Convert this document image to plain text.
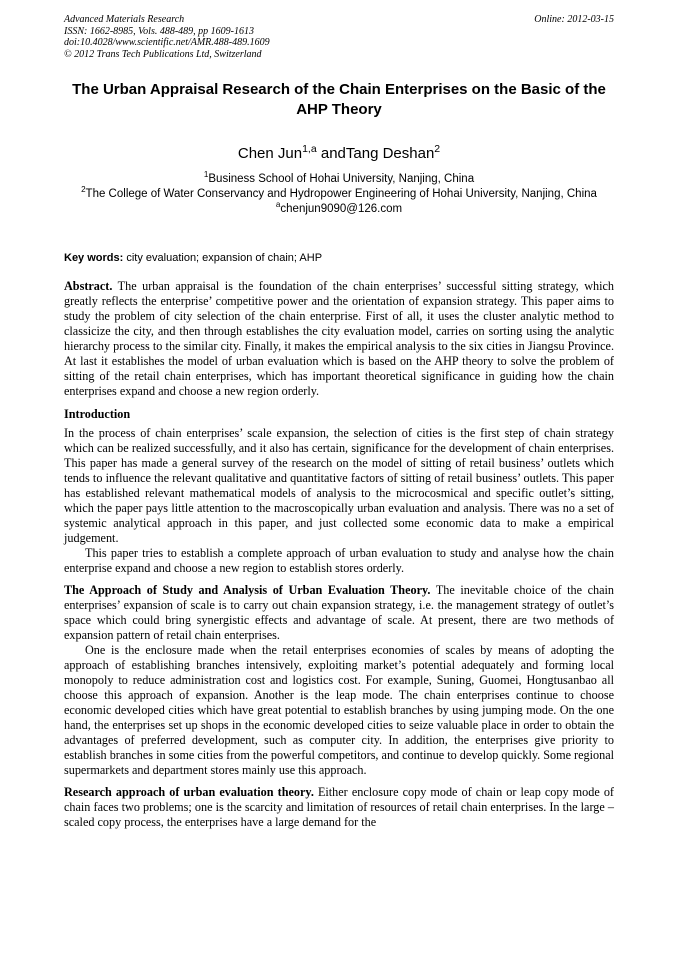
Advanced Materials Research
ISSN: 1662-8985, Vols. 488-489, pp 1609-1613
doi:10.4028/www.scientific.net/AMR.488-489.1609
© 2012 Trans Tech Publications Ltd, Switzerland
Online: 2012-03-15
The Urban Appraisal Research of the Chain Enterprises on the Basic of the AHP Theory
Chen Jun$^{1,a}$ andTang Deshan$^2$
$^1$Business School of Hohai University, Nanjing, China
$^2$The College of Water Conservancy and Hydropower Engineering of Hohai University, Nanjing, China
$^a$chenjun9090@126.com
Key words: city evaluation; expansion of chain; AHP

Abstract. The urban appraisal is the foundation of the chain enterprises’ successful sitting strategy, which greatly reflects the enterprise’ competitive power and the orientation of expansion strategy. This paper aims to study the problem of city selection of the chain enterprise. First of all, it uses the cluster analytic method to classicize the city, and then through establishes the city evaluation model, carries on sorting using the analytic hierarchy process to the similar city. Finally, it makes the empirical analysis to the six cities in Jiangsu Province. At last it establishes the model of urban evaluation which is based on the AHP theory to solve the problem of sitting of the retail chain enterprises, which has important theoretical significance in guiding how the chain enterprises expand and choose a new region orderly.

Introduction

In the process of chain enterprises’ scale expansion, the selection of cities is the first step of chain strategy which can be realized successfully, and it also has certain, significance for the development of chain enterprises. This paper has made a general survey of the research on the model of sitting of retail business’ outlets which tends to influence the relevant qualitative and quantitative factors of sitting of retail business’ outlets. This paper has established relevant mathematical models of analysis to the microcosmical and specific outlet’s sitting, which the paper pays little attention to the macroscopically urban evaluation and analysis. There was no a set of systemic analytical approach in this paper, and just collected some economic data to make a empirical judgement.

This paper tries to establish a complete approach of urban evaluation to study and analyse how the chain enterprise expand and choose a new region to establish stores orderly.

The Approach of Study and Analysis of Urban Evaluation Theory. The inevitable choice of the chain enterprises’ expansion of scale is to carry out chain expansion strategy, i.e. the management strategy of outlet’s space which could bring synergistic effects and advantage of scale. At present, there are two methods of expansion pattern of retail chain enterprises.

One is the enclosure made when the retail enterprises economies of scales by means of adopting the approach of establishing branches intensively, exploiting market’s potential adequately and forming local monopoly to reduce administration cost and logistics cost. For example, Suning, Guomei, Hongtusanbao all choose this approach of expansion. Another is the leap mode. The chain enterprises continue to choose economic developed cities which have great potential to establish branches by using jumping mode. On the one hand, the enterprises set up shops in the economic developed cities to seize valuable place in order to obtain the advantages of preferred development, such as computer city. In addition, the enterprises give priority to establish branches in some cities from the powerful competitors, and continue to develop quickly. Some regional supermarkets and department stores mainly use this approach.

Research approach of urban evaluation theory. Either enclosure copy mode of chain or leap copy mode of chain faces two problems; one is the scarcity and limitation of resources of retail chain enterprises. In the large –scaled copy process, the enterprises have a large demand for the
